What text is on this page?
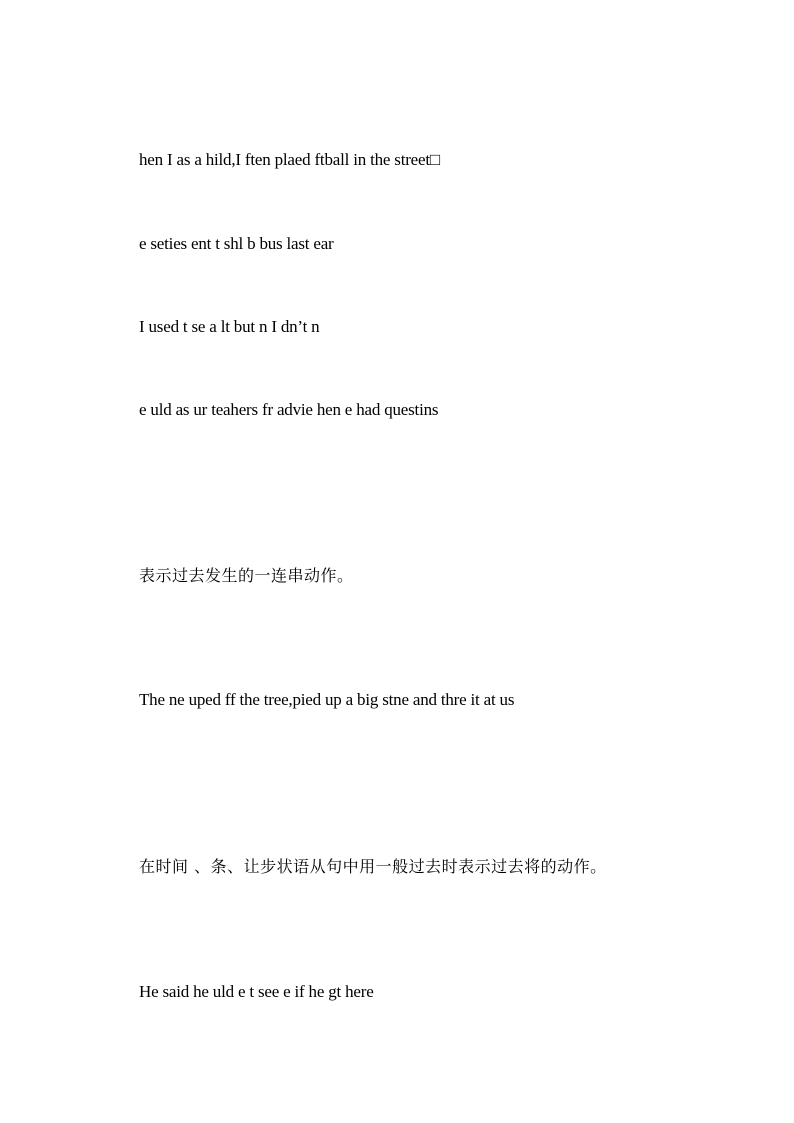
hen I as a hild,I ften plaed ftball in the street□

e seties ent t shl b bus last ear

I used t se a lt but n I dn’t n

e uld as ur teahers fr advie hen e had questins

表示过去发生的一连串动作。

The ne uped ff the tree,pied up a big stne and thre it at us

在时间 、条、让步状语从句中用一般过去时表示过去将的动作。

He said he uld e t see e if he gt here
